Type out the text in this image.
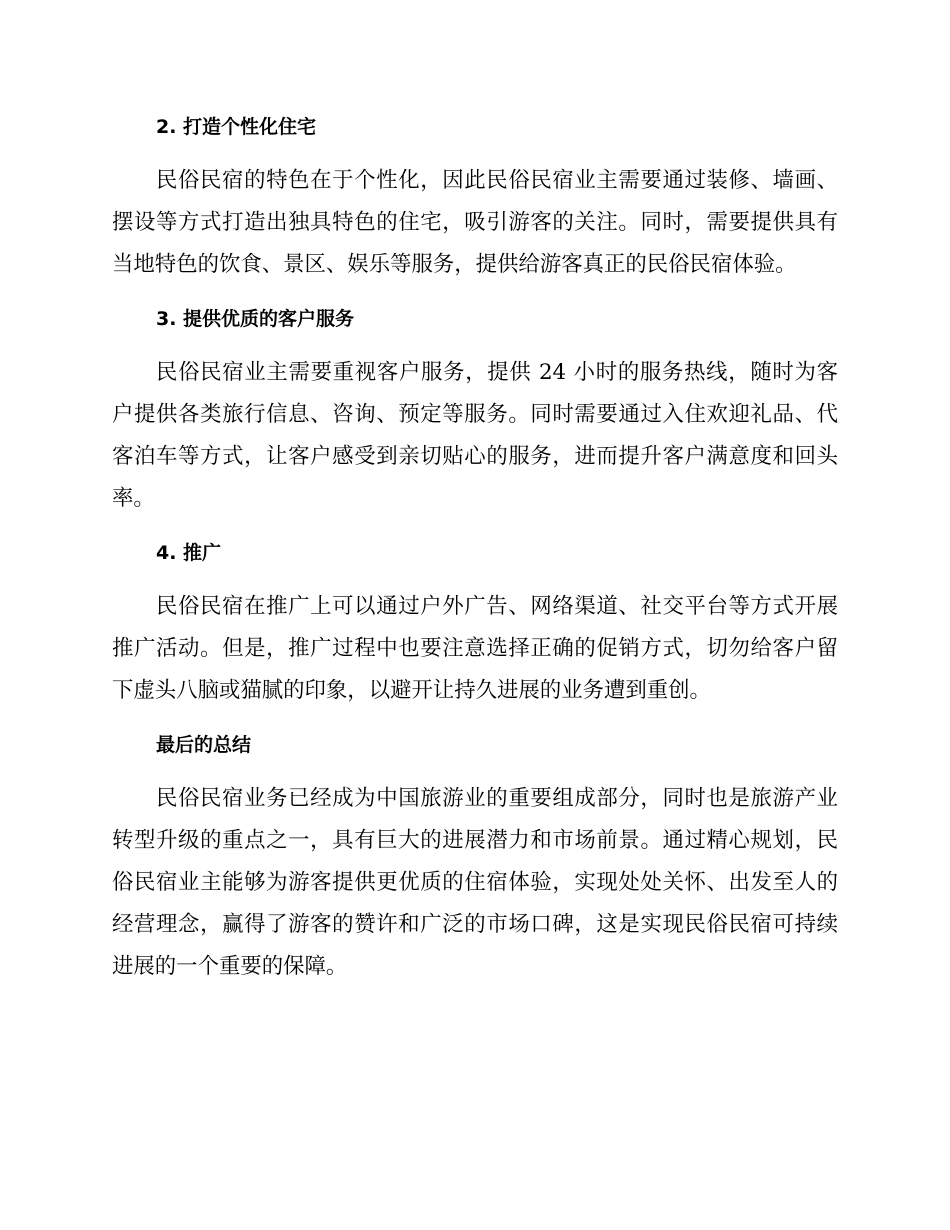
2. 打造个性化住宅

民俗民宿的特色在于个性化，因此民俗民宿业主需要通过装修、墙画、摆设等方式打造出独具特色的住宅，吸引游客的关注。同时，需要提供具有当地特色的饮食、景区、娱乐等服务，提供给游客真正的民俗民宿体验。

3. 提供优质的客户服务

民俗民宿业主需要重视客户服务，提供 24 小时的服务热线，随时为客户提供各类旅行信息、咨询、预定等服务。同时需要通过入住欢迎礼品、代客泊车等方式，让客户感受到亲切贴心的服务，进而提升客户满意度和回头率。

4. 推广

民俗民宿在推广上可以通过户外广告、网络渠道、社交平台等方式开展推广活动。但是，推广过程中也要注意选择正确的促销方式，切勿给客户留下虚头八脑或猫腻的印象，以避开让持久进展的业务遭到重创。

最后的总结

民俗民宿业务已经成为中国旅游业的重要组成部分，同时也是旅游产业转型升级的重点之一，具有巨大的进展潜力和市场前景。通过精心规划，民俗民宿业主能够为游客提供更优质的住宿体验，实现处处关怀、出发至人的经营理念，赢得了游客的赞许和广泛的市场口碑，这是实现民俗民宿可持续进展的一个重要的保障。
